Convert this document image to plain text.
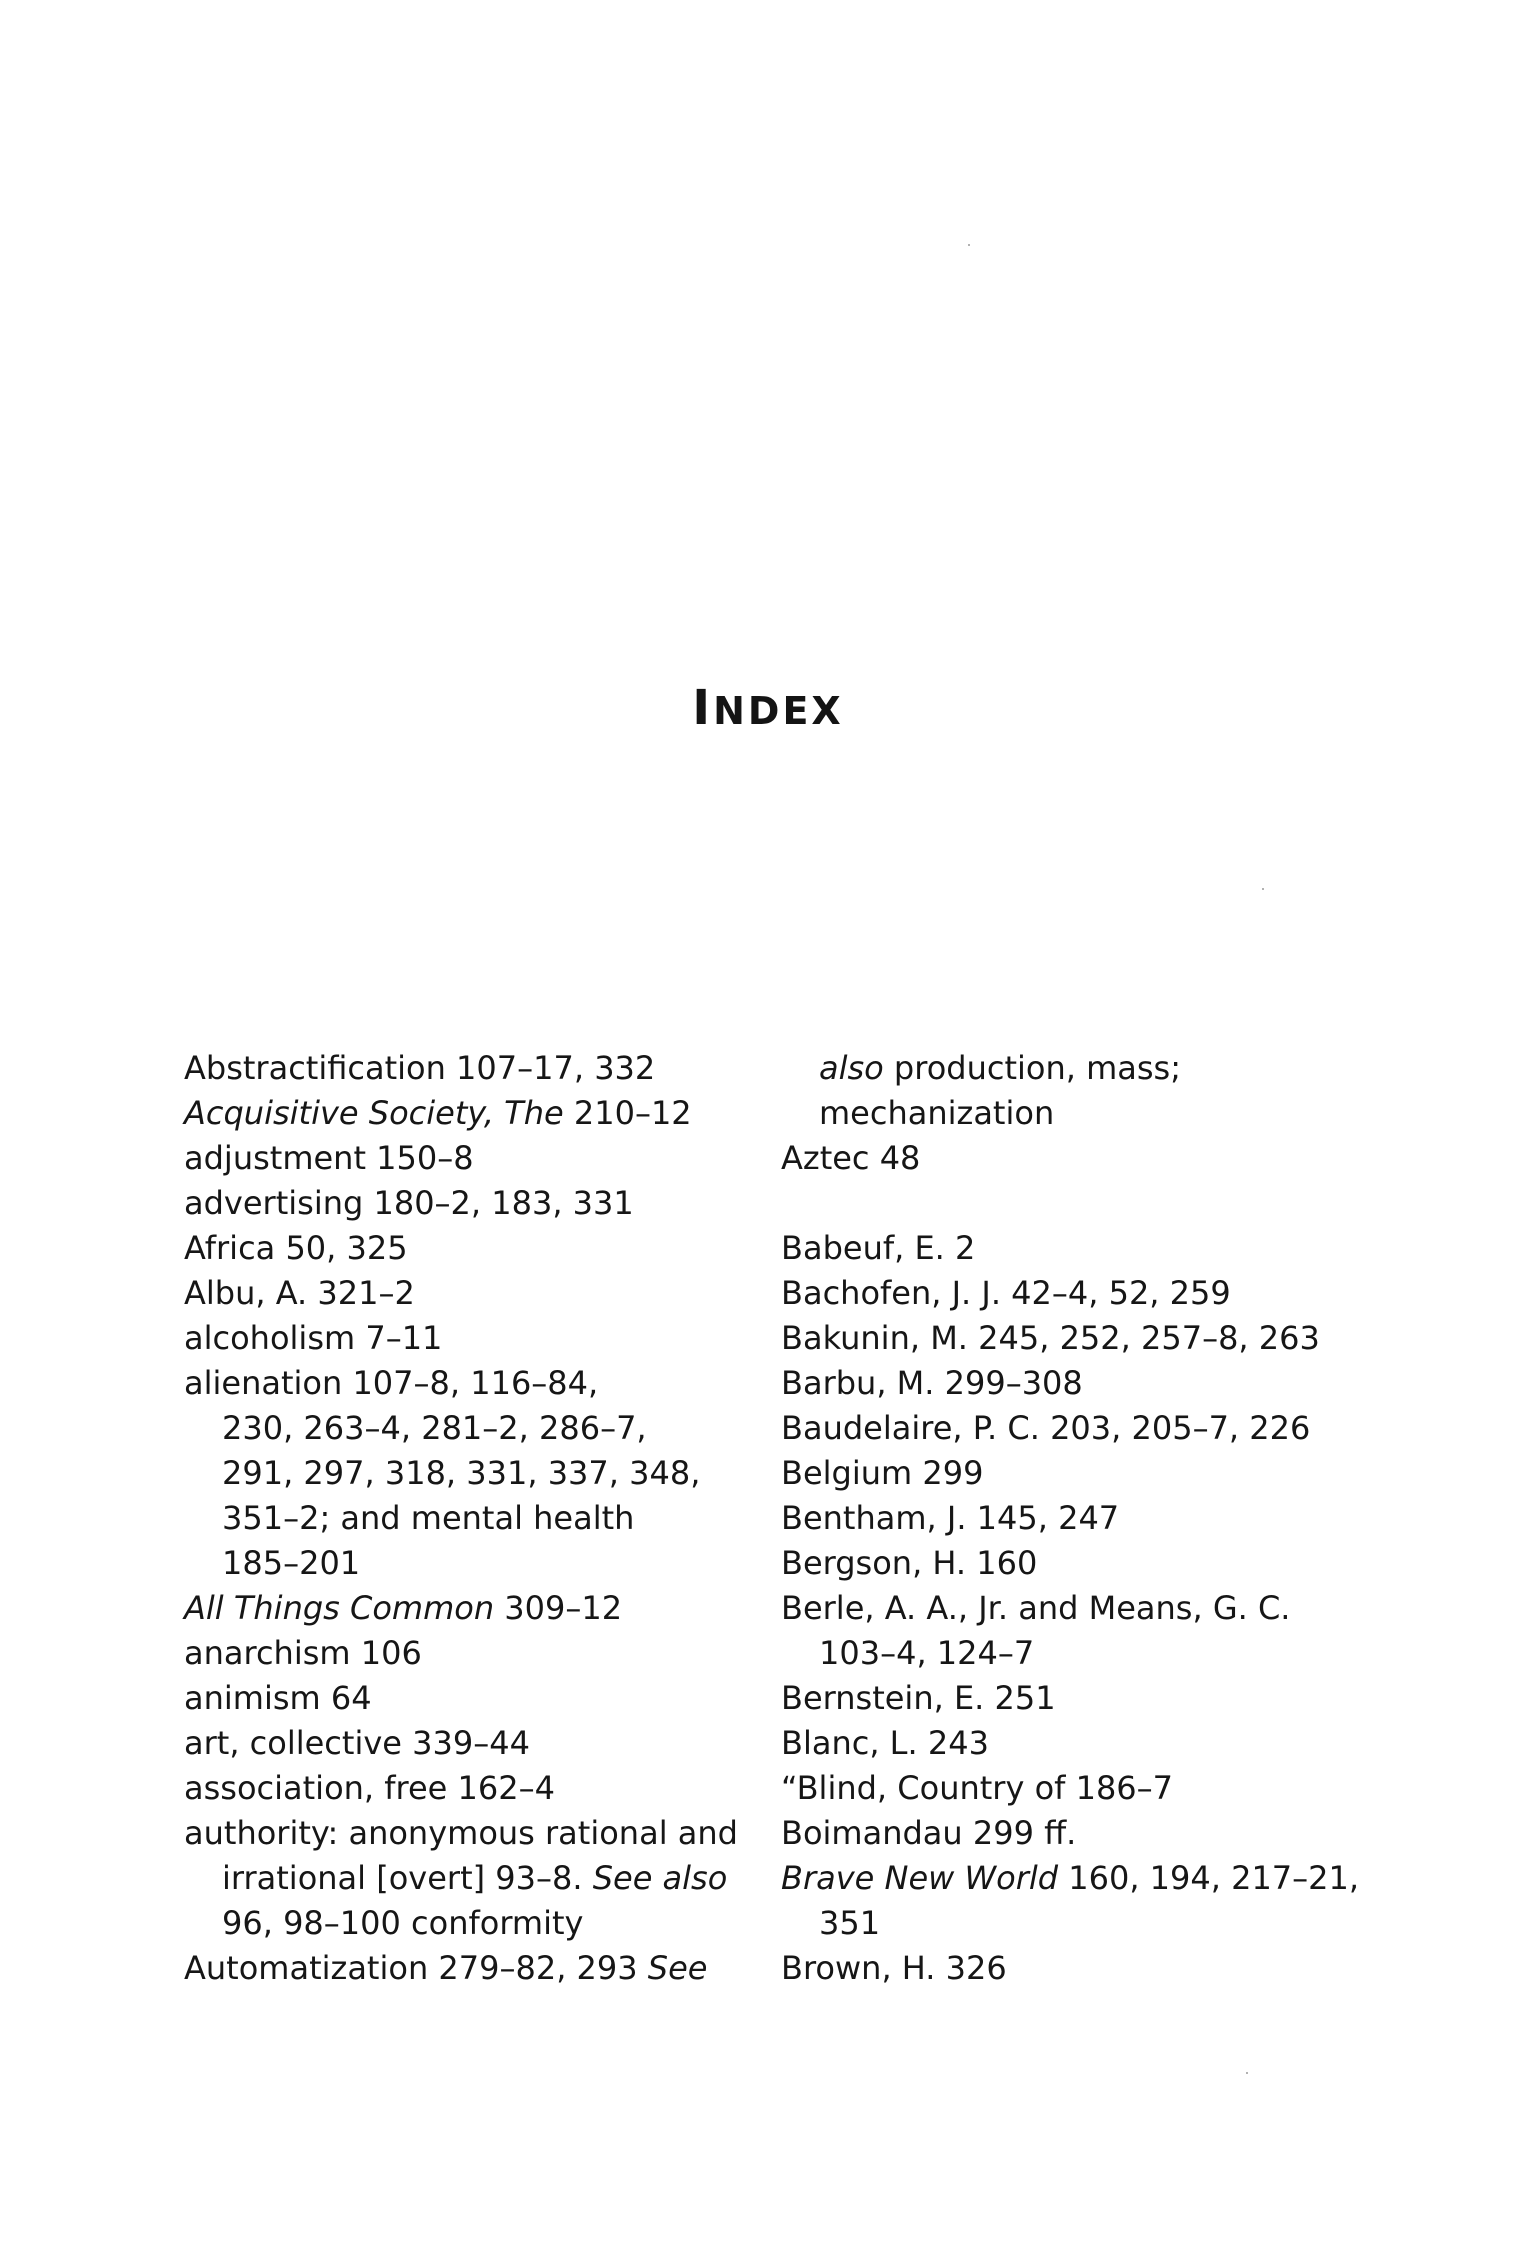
INDEX

Abstractification 107–17, 332

Acquisitive Society, The 210–12

adjustment 150–8

advertising 180–2, 183, 331

Africa 50, 325

Albu, A. 321–2

alcoholism 7–11

alienation 107–8, 116–84,
230, 263–4, 281–2, 286–7,
291, 297, 318, 331, 337, 348,
351–2; and mental health
185–201

All Things Common 309–12

anarchism 106

animism 64

art, collective 339–44

association, free 162–4

authority: anonymous rational and
irrational [overt] 93–8. See also
96, 98–100 conformity

Automatization 279–82, 293 See

also production, mass;
mechanization

Aztec 48

Babeuf, E. 2

Bachofen, J. J. 42–4, 52, 259

Bakunin, M. 245, 252, 257–8, 263

Barbu, M. 299–308

Baudelaire, P. C. 203, 205–7, 226

Belgium 299

Bentham, J. 145, 247

Bergson, H. 160

Berle, A. A., Jr. and Means, G. C.
103–4, 124–7

Bernstein, E. 251

Blanc, L. 243

“Blind, Country of 186–7

Boimandau 299 ff.

Brave New World 160, 194, 217–21,
351

Brown, H. 326
